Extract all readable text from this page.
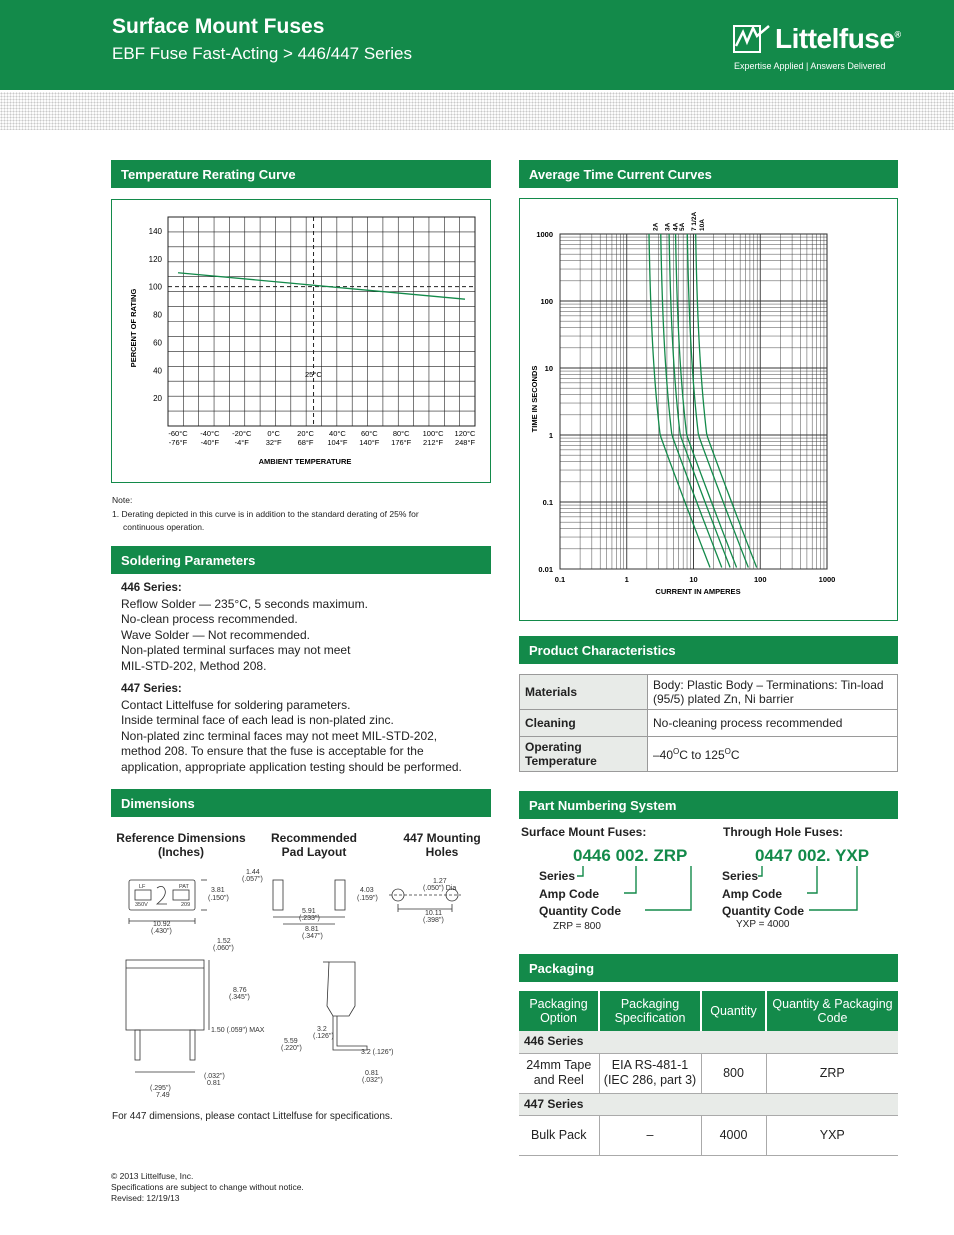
Surface Mount Fuses
EBF Fuse Fast-Acting > 446/447 Series	Littelfuse®
Expertise Applied | Answers Delivered
Temperature Rerating Curve
140
120
100
80
60
40
20
-60°C
-76°F
-40°C
-40°F
-20°C
-4°F
0°C
32°F
20°C
68°F
40°C
104°F
60°C
140°F
80°C
176°F
100°C
212°F
120°C
248°F
PERCENT OF RATING
AMBIENT TEMPERATURE
25°C
Note:
1. Derating depicted in this curve is in addition to the standard derating of 25% for
continuous operation.
Soldering Parameters
446 Series:
Reflow Solder — 235°C, 5 seconds maximum.
No-clean process recommended.
Wave Solder — Not recommended.
Non-plated terminal surfaces may not meet
MIL-STD-202, Method 208.
447 Series:
Contact Littelfuse for soldering parameters.
Inside terminal face of each lead is non-plated zinc.
Non-plated zinc terminal faces may not meet MIL-STD-202,
method 208. To ensure that the fuse is acceptable for the
application, appropriate application testing should be performed.
Dimensions
Reference Dimensions
(Inches)
Recommended
Pad Layout
447 Mounting
Holes
LF	PAT
350V	209
3.81
(.150")
10.92
(.430")
1.44
(.057")
4.03
(.159")
5.91
(.233")
8.81
(.347")
1.27
(.050") Dia
10.11
(.398")
1.52
(.060")
8.76
(.345")
1.50 (.059") MAX
(.032")
0.81
(.295")
7.49
3.2
(.126")
5.59
(.220")
3.2 (.126")
0.81
(.032")
For 447 dimensions, please contact Littelfuse for specifications.
Average Time Current Curves
1000
100
10
1
0.1
0.01
0.1	1	10	100	1000
2A 3A 4A 5A 7 1/2A 10A
TIME IN SECONDS
CURRENT IN AMPERES
Product Characteristics
Materials	Body: Plastic Body – Terminations: Tin-load (95/5) plated Zn, Ni barrier
Cleaning	No-cleaning process recommended
Operating Temperature	$-40^OC$ to $125^OC$
Part Numbering System
Surface Mount Fuses:	Through Hole Fuses:
0446 002. ZRP	0447 002. YXP
Series
Amp Code
Quantity Code
Series
Amp Code
Quantity Code
ZRP = 800	YXP = 4000
Packaging
Packaging Option	Packaging Specification	Quantity	Quantity & Packaging Code
446 Series			
24mm Tape and Reel	EIA RS-481-1 (IEC 286, part 3)	800	ZRP
447 Series			
Bulk Pack	–	4000	YXP
© 2013 Littelfuse, Inc.
Specifications are subject to change without notice.
Revised: 12/19/13
